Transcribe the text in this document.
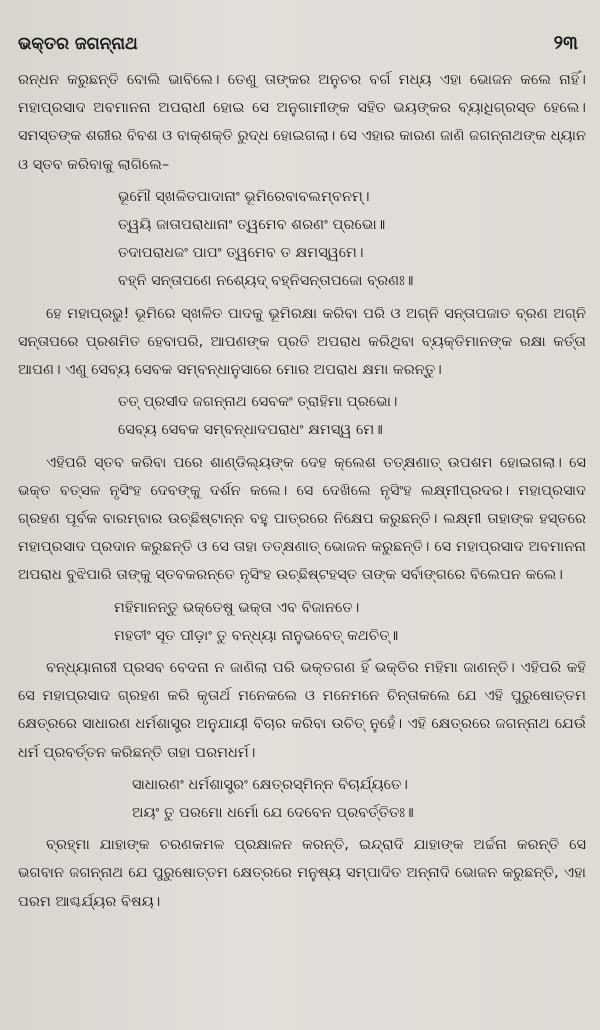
ଭକ୍ତର ଜଗନ୍ନାଥ	୨୩

ରନ୍ଧନ କରୁଛନ୍ତି ବୋଲି ଭାବିଲେ। ତେଣୁ ତାଙ୍କର ଅନୁଚର ବର୍ଗ ମଧ୍ୟ ଏହା ଭୋଜନ କଲେ ନାହିଁ। ମହାପ୍ରସାଦ ଅବମାନନା ଅପରାଧୀ ହୋଇ ସେ ଅନୁଗାମୀଙ୍କ ସହିତ ଭୟଙ୍କର ବ୍ୟାଧିଗ୍ରସ୍ତ ହେଲେ। ସମସ୍ତଙ୍କ ଶରୀର ବିବଶ ଓ ବାକ୍‌ଶକ୍ତି ରୁଦ୍ଧ ହୋଇଗଲା। ସେ ଏହାର କାରଣ ଜାଣି ଜଗନ୍ନାଥଙ୍କ ଧ୍ୟାନ ଓ ସ୍ତବ କରିବାକୁ ଲାଗିଲେ–

ଭୂମୌ ସ୍ଖଳିତପାଦାନାଂ ଭୂମିରେବାବଲମ୍ବନମ୍।
ତ୍ୱୟି ଜାତାପରାଧାନାଂ ତ୍ୱମେବ ଶରଣଂ ପ୍ରଭୋ॥
ତଦାପରାଧଜଂ ପାପଂ ତ୍ୱମେବ ତ କ୍ଷମସ୍ୱମେ।
ବହ୍ନି ସନ୍ତାପଣେ ନଶ୍ୟେଦ୍ ବହ୍ନିସନ୍ତାପଜୋ ବ୍ରଣଃ॥

ହେ ମହାପ୍ରଭୁ! ଭୂମିରେ ସ୍ଖଳିତ ପାଦକୁ ଭୂମିରକ୍ଷା କରିବା ପରି ଓ ଅଗ୍ନି ସନ୍ତାପଜାତ ବ୍ରଣ ଅଗ୍ନି ସନ୍ତାପରେ ପ୍ରଶମିତ ହେବାପରି, ଆପଣଙ୍କ ପ୍ରତି ଅପରାଧ କରିଥିବା ବ୍ୟକ୍ତିମାନଙ୍କ ରକ୍ଷା କର୍ତ୍ତା ଆପଣ। ଏଣୁ ସେବ୍ୟ ସେବକ ସମ୍ବନ୍ଧାନୁସାରେ ମୋର ଅପରାଧ କ୍ଷମା କରନ୍ତୁ।

ତତ୍ ପ୍ରସୀଦ ଜଗନ୍ନାଥ ସେବକଂ ତ୍ରାହିମା ପ୍ରଭୋ।
ସେବ୍ୟ ସେବକ ସମ୍ବନ୍ଧାଦପରାଧଂ କ୍ଷମସ୍ୱ ମେ॥

ଏହିପରି ସ୍ତବ କରିବା ପରେ ଶାଣ୍ଡିଲ୍ୟଙ୍କ ଦେହ କ୍ଲେଶ ତତ୍‌କ୍ଷଣାତ୍ ଉପଶମ ହୋଇଗଲା। ସେ ଭକ୍ତ ବତ୍ସଳ ନୃସିଂହ ଦେବଙ୍କୁ ଦର୍ଶନ କଲେ। ସେ ଦେଖିଲେ ନୃସିଂହ ଲକ୍ଷ୍ମୀପ୍ରଦର। ମହାପ୍ରସାଦ ଗ୍ରହଣ ପୂର୍ବକ ବାରମ୍ବାର ଉଚ୍ଛିଷ୍ଟାନ୍ନ ବହୁ ପାତ୍ରରେ ନିକ୍ଷେପ କରୁଛନ୍ତି। ଲକ୍ଷ୍ମୀ ତାହାଙ୍କ ହସ୍ତରେ ମହାପ୍ରସାଦ ପ୍ରଦାନ କରୁଛନ୍ତି ଓ ସେ ତାହା ତତ୍‌କ୍ଷଣାତ୍ ଭୋଜନ କରୁଛନ୍ତି। ସେ ମହାପ୍ରସାଦ ଅବମାନନା ଅପରାଧ ବୁଝିପାରି ତାଙ୍କୁ ସ୍ତବକରନ୍ତେ ନୃସିଂହ ଉଚ୍ଛିଷ୍ଟହସ୍ତ ତାଙ୍କ ସର୍ବାଙ୍ଗରେ ବିଲେପନ କଲେ।

ମହିମାନନ୍ତୁ ଭକ୍ତେଷୁ ଭକ୍ତା ଏବ ବିଜାନତେ।
ମହତୀଂ ସୂତ ପୀଡ଼ାଂ ତୁ ବନ୍ଧ୍ୟା ନାନୁଭବେତ୍ କଥଚିତ୍॥

ବନ୍ଧ୍ୟାନାରୀ ପ୍ରସବ ବେଦନା ନ ଜାଣିଲା ପରି ଭକ୍ତଗଣ ହିଁ ଭକ୍ତିର ମହିମା ଜାଣନ୍ତି। ଏହିପରି କହି ସେ ମହାପ୍ରସାଦ ଗ୍ରହଣ କରି କୃତାର୍ଥ ମନେକଲେ ଓ ମନେମନେ ଚିନ୍ତାକଲେ ଯେ ଏହି ପୁରୁଷୋତ୍ତମ କ୍ଷେତ୍ରରେ ସାଧାରଣ ଧର୍ମଶାସ୍ତ୍ର ଅନୁଯାୟୀ ବିଚାର କରିବା ଉଚିତ୍ ନୁହେଁ। ଏହି କ୍ଷେତ୍ରରେ ଜଗନ୍ନାଥ ଯେଉଁ ଧର୍ମ ପ୍ରବର୍ତ୍ତନ କରିଛନ୍ତି ତାହା ପରମଧର୍ମ।

ସାଧାରଣଂ ଧର୍ମଶାସ୍ତ୍ରଂ କ୍ଷେତ୍ରସ୍ମିନ୍ନ ବିଚାର୍ଯ୍ୟତେ।
ଅୟଂ ତୁ ପରମୋ ଧର୍ମୋ ଯେ ଦେବେନ ପ୍ରବର୍ତ୍ତିତଃ॥

ବ୍ରହ୍ମା ଯାହାଙ୍କ ଚରଣକମଳ ପ୍ରକ୍ଷାଳନ କରନ୍ତି, ଇନ୍ଦ୍ରାଦି ଯାହାଙ୍କ ଅର୍ଚ୍ଚନା କରନ୍ତି ସେ ଭଗବାନ ଜଗନ୍ନାଥ ଯେ ପୁରୁଷୋତ୍ତମ କ୍ଷେତ୍ରରେ ମନୁଷ୍ୟ ସମ୍ପାଦିତ ଅନ୍ନାଦି ଭୋଜନ କରୁଛନ୍ତି, ଏହା ପରମ ଆଶ୍ଚର୍ଯ୍ୟର ବିଷୟ।
